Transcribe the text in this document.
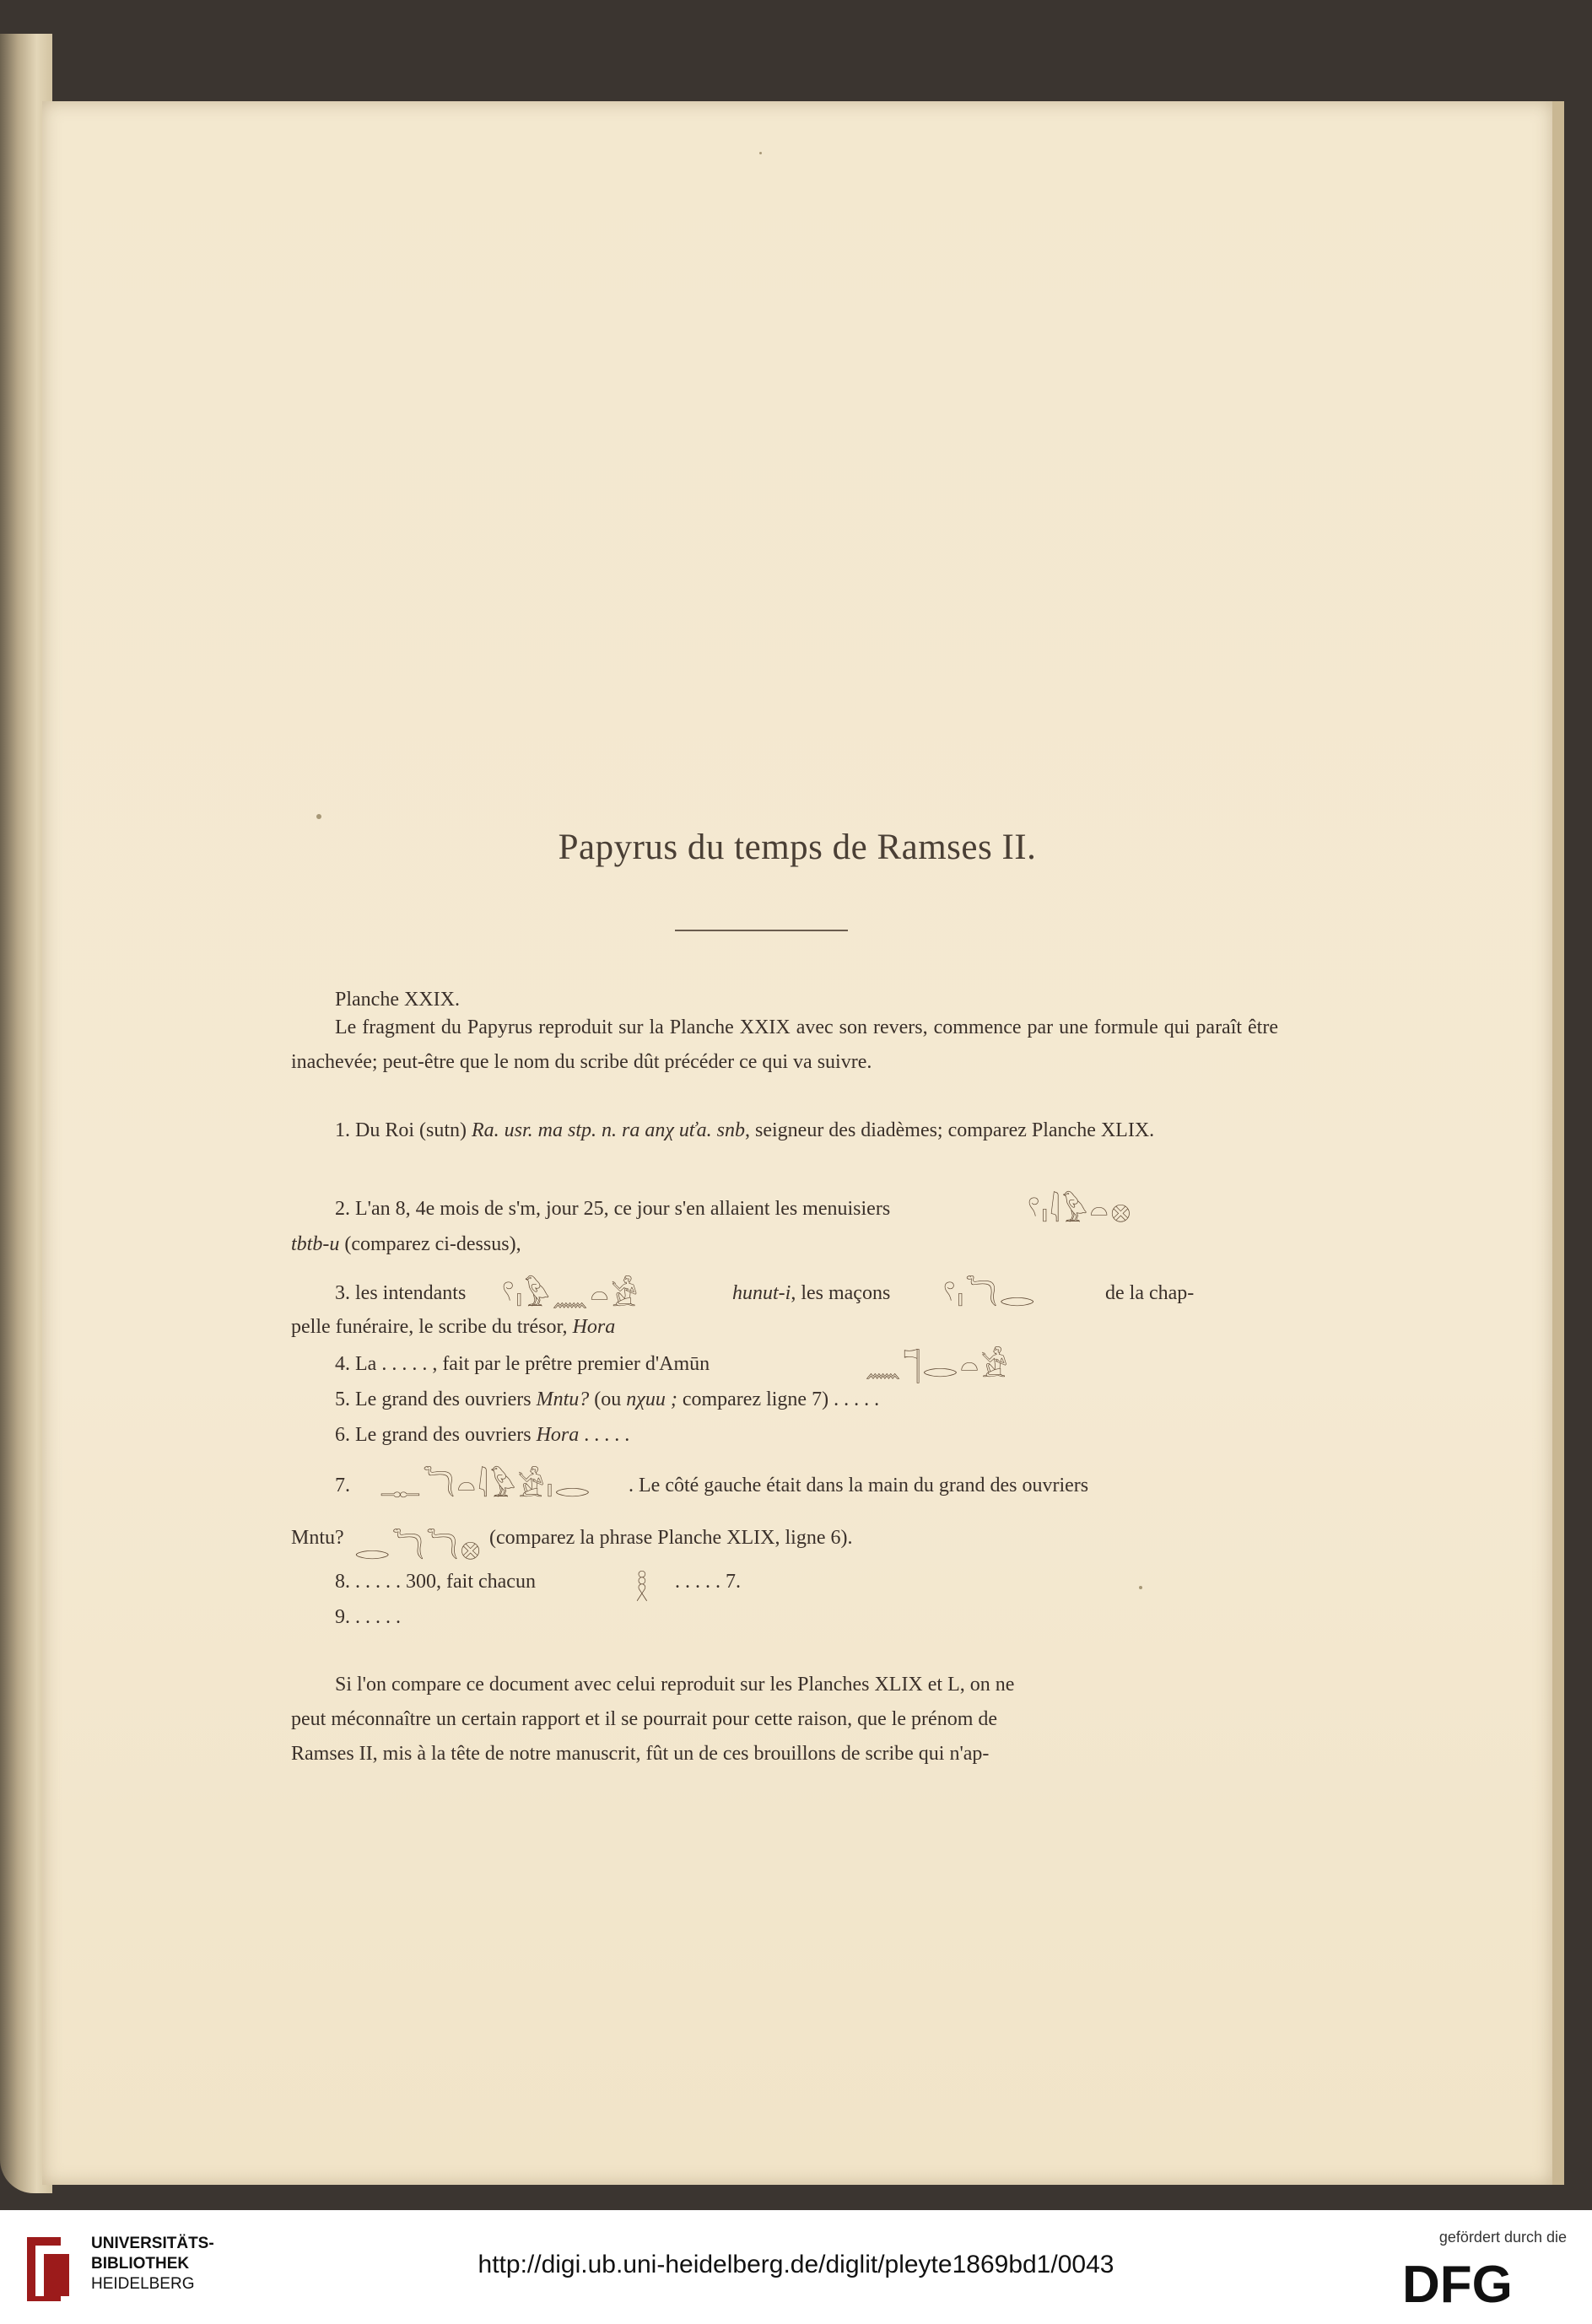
Papyrus du temps de Ramses II.
Planche XXIX.
Le fragment du Papyrus reproduit sur la Planche XXIX avec son revers, commence par une formule qui paraît être inachevée; peut-être que le nom du scribe dût précéder ce qui va suivre.
1. Du Roi (sutn) Ra. usr. ma stp. n. ra anχ uťa. snb, seigneur des diadèmes; comparez Planche XLIX.
2. L'an 8, 4e mois de s'm, jour 25, ce jour s'en allaient les menuisiers	𓍢𓏤𓇋𓅱𓏏𓊖
tbtb-u (comparez ci-dessus),
3. les intendants 𓍢𓏤𓅱𓈖𓏏𓀀	hunut-i, les maçons 𓍢𓏤𓆓𓂋	de la chap-
pelle funéraire, le scribe du trésor, Hora
4. La . . . . . , fait par le prêtre premier d'Amūn	𓈖𓊹𓂋𓏏𓀀
5. Le grand des ouvriers Mntu? (ou nχuu ; comparez ligne 7) . . . . .
6. Le grand des ouvriers Hora . . . . .
7. 𓊃𓆓𓏏𓇋𓅱𓀀𓏤𓂋 . Le côté gauche était dans la main du grand des ouvriers
Mntu? 𓂋𓆓𓆓𓊖 (comparez la phrase Planche XLIX, ligne 6).
8. . . . . . 300, fait chacun	𓎛 . . . . . 7.
9. . . . . .
Si l'on compare ce document avec celui reproduit sur les Planches XLIX et L, on ne
peut méconnaître un certain rapport et il se pourrait pour cette raison, que le prénom de
Ramses II, mis à la tête de notre manuscrit, fût un de ces brouillons de scribe qui n'ap-
UNIVERSITÄTS-
BIBLIOTHEK
HEIDELBERG
http://digi.ub.uni-heidelberg.de/diglit/pleyte1869bd1/0043
gefördert durch die
DFG
